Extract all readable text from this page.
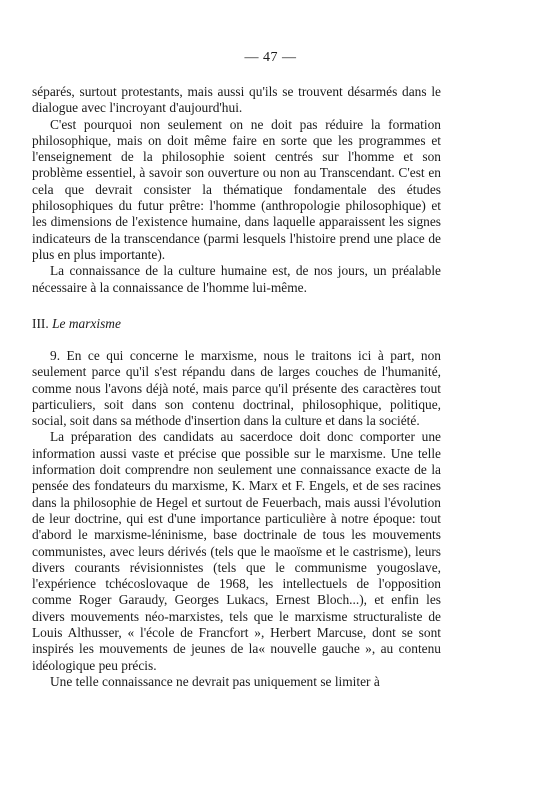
— 47 —

séparés, surtout protestants, mais aussi qu'ils se trouvent désarmés dans le dialogue avec l'incroyant d'aujourd'hui.

C'est pourquoi non seulement on ne doit pas réduire la formation philosophique, mais on doit même faire en sorte que les programmes et l'enseignement de la philosophie soient centrés sur l'homme et son problème essentiel, à savoir son ouverture ou non au Transcendant. C'est en cela que devrait consister la thématique fondamentale des études philosophiques du futur prêtre: l'homme (anthropologie philosophique) et les dimensions de l'existence humaine, dans laquelle apparaissent les signes indicateurs de la transcendance (parmi lesquels l'histoire prend une place de plus en plus importante).

La connaissance de la culture humaine est, de nos jours, un préalable nécessaire à la connaissance de l'homme lui-même.

III. Le marxisme

9. En ce qui concerne le marxisme, nous le traitons ici à part, non seulement parce qu'il s'est répandu dans de larges couches de l'humanité, comme nous l'avons déjà noté, mais parce qu'il présente des caractères tout particuliers, soit dans son contenu doctrinal, philosophique, politique, social, soit dans sa méthode d'insertion dans la culture et dans la société.

La préparation des candidats au sacerdoce doit donc comporter une information aussi vaste et précise que possible sur le marxisme. Une telle information doit comprendre non seulement une connaissance exacte de la pensée des fondateurs du marxisme, K. Marx et F. Engels, et de ses racines dans la philosophie de Hegel et surtout de Feuerbach, mais aussi l'évolution de leur doctrine, qui est d'une importance particulière à notre époque: tout d'abord le marxisme-léninisme, base doctrinale de tous les mouvements communistes, avec leurs dérivés (tels que le maoïsme et le castrisme), leurs divers courants révisionnistes (tels que le communisme yougoslave, l'expérience tchécoslovaque de 1968, les intellectuels de l'opposition comme Roger Garaudy, Georges Lukacs, Ernest Bloch...), et enfin les divers mouvements néo-marxistes, tels que le marxisme structuraliste de Louis Althusser, « l'école de Francfort », Herbert Marcuse, dont se sont inspirés les mouvements de jeunes de la« nouvelle gauche », au contenu idéologique peu précis.

Une telle connaissance ne devrait pas uniquement se limiter à
